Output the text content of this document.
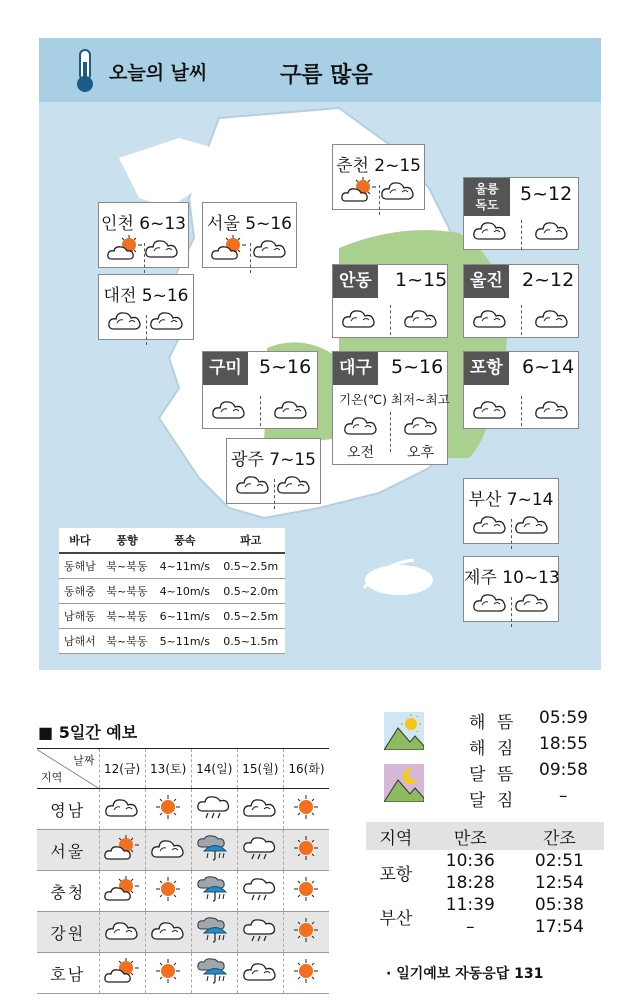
오늘의 날씨	구름 많음
인천 6~13 서울 5~16
춘천 2~15
울릉
독도	5~12
대전 5~16
안동	1~15	울진	2~12
구미 5~16	대구	5~16
기온(℃) 최저~최고
오전 오후
포항	6~14
광주 7~15
부산 7~14
제주 10~13
바다	풍향	풍속	파고
동해남	북~북동	4~11m/s	0.5~2.5m
동해중	북~북동	4~10m/s	0.5~2.0m
남해동	북~북동	6~11m/s	0.5~2.5m
남해서	북~북동	5~11m/s	0.5~1.5m
■ 5일간 예보
날짜
지역	12(금)	13(토)	14(일)	15(월)	16(화)
영남					
서울					
충청					
강원					
호남					
해 뜸 05:59
해 짐 18:55
달 뜸 09:58
달 짐	–
지역	만조	간조
포항	10:36	02:51
	18:28	12:54
부산	11:39	05:38
	–	17:54
· 일기예보 자동응답 131
